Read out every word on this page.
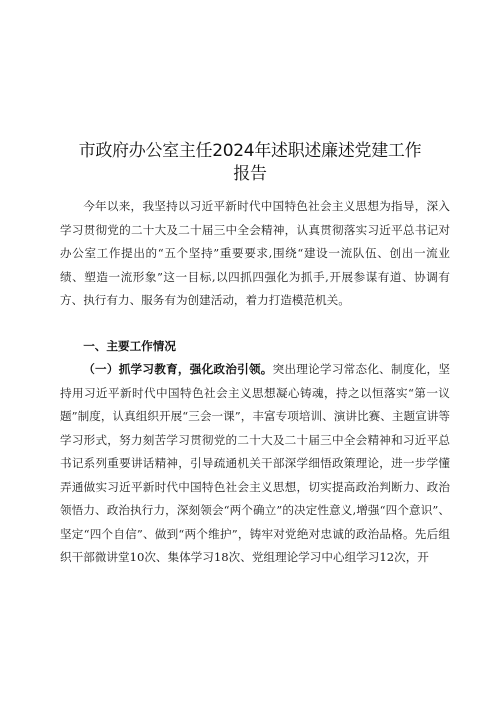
市政府办公室主任2024年述职述廉述党建工作
报告

今年以来，我坚持以习近平新时代中国特色社会主义思想为指导，深入学习贯彻党的二十大及二十届三中全会精神，认真贯彻落实习近平总书记对办公室工作提出的“五个坚持”重要要求,围绕“建设一流队伍、创出一流业绩、塑造一流形象”这一目标,以四抓四强化为抓手,开展参谋有道、协调有方、执行有力、服务有为创建活动，着力打造模范机关。

一、主要工作情况

（一）抓学习教育，强化政治引领。突出理论学习常态化、制度化，坚持用习近平新时代中国特色社会主义思想凝心铸魂，持之以恒落实“第一议题”制度，认真组织开展“三会一课”，丰富专项培训、演讲比赛、主题宣讲等学习形式，努力刻苦学习贯彻党的二十大及二十届三中全会精神和习近平总书记系列重要讲话精神，引导疏通机关干部深学细悟政策理论，进一步学懂弄通做实习近平新时代中国特色社会主义思想，切实提高政治判断力、政治领悟力、政治执行力，深刻领会“两个确立”的决定性意义,增强“四个意识”、坚定“四个自信”、做到“两个维护”，铸牢对党绝对忠诚的政治品格。先后组织干部微讲堂10次、集体学习18次、党组理论学习中心组学习12次，开
